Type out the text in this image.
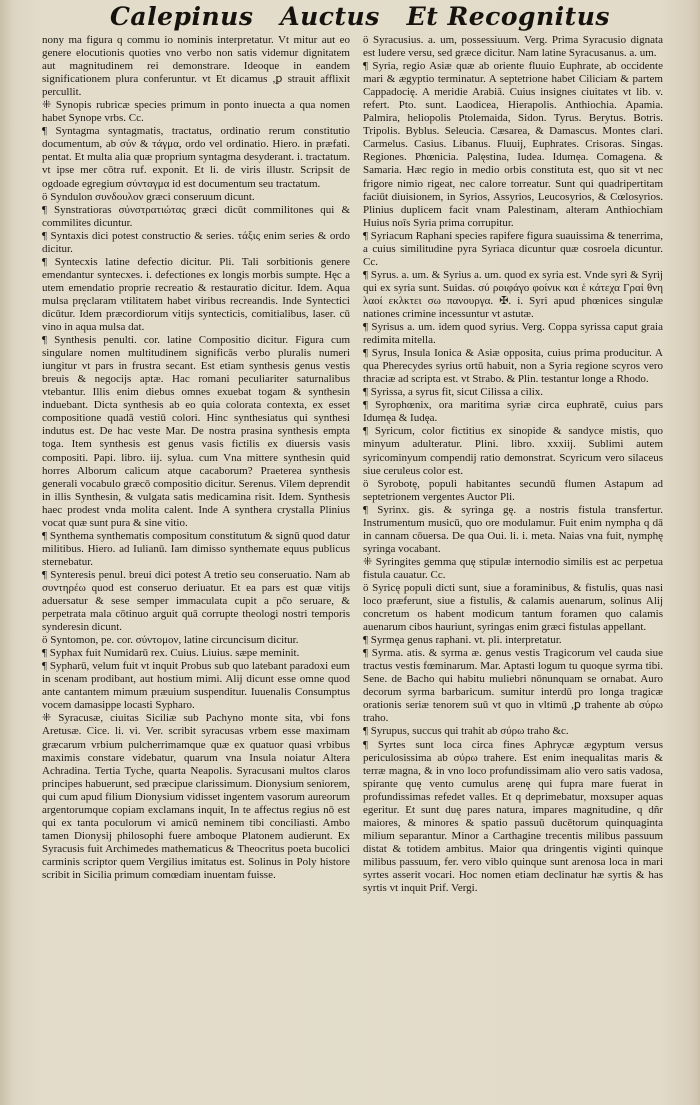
Calepinus Auctus Et Recognitus

nony ma figura q commu io nominis interpretatur. Vt mitur aut eo genere elocutionis quoties vno verbo non satis videmur dignitatem aut magnitudinem rei demonstrare. Ideoque in eandem significationem plura conferuntur. vt Et dicamus ,ꝑ strauit afflixit percullit.

⁜ Synopis rubricæ species primum in ponto inuecta a qua nomen habet Synope vrbs. Cc.

¶ Syntagma syntagmatis, tractatus, ordinatio rerum constitutio documentum, ab σύν & τάγμα, ordo vel ordinatio. Hiero. in præfati. pentat. Et multa alia quæ proprium syntagma desyderant. i. tractatum. vt ipse mer cōtra ruf. exponit. Et li. de viris illustr. Scripsit de ogdoade egregium σύνταγμα id est documentum seu tractatum.

ӧ Syndulon συνδουλον græci conseruum dicunt.

¶ Synstratioras σύνστρατιώτας græci dicūt commilitones qui & commilites dicuntur.

¶ Syntaxis dici potest constructio & series. τάξις enim series & ordo dicitur.

¶ Syntecxis latine defectio dicitur. Pli. Tali sorbitionis genere emendantur syntecxes. i. defectiones ex longis morbis sumpte. Hęc a utem emendatio proprie recreatio & restauratio dicitur. Idem. Aqua mulsa pręclaram vtilitatem habet viribus recreandis. Inde Syntectici dicūtur. Idem præcordiorum vitijs syntecticis, comitialibus, laser. cū vino in aqua mulsa dat.

¶ Synthesis penulti. cor. latine Compositio dicitur. Figura cum singulare nomen multitudinem significās verbo pluralis numeri iungitur vt pars in frustra secant. Est etiam synthesis genus vestis breuis & negocijs aptæ. Hac romani peculiariter saturnalibus vtebantur. Illis enim diebus omnes exuebat togam & synthesin induebant. Dicta synthesis ab eo quia colorata contexta, ex esset compositione quadā vestiū colori. Hinc synthesiatus qui synthesi indutus est. De hac veste Mar. De nostra prasina synthesis empta toga. Item synthesis est genus vasis fictilis ex diuersis vasis compositi. Papi. libro. iij. sylua. cum Vna mittere synthesin quid horres Alborum calicum atque cacaborum? Praeterea synthesis generali vocabulo græcō compositio dicitur. Serenus. Vilem deprendit in illis Synthesin, & vulgata satis medicamina risit. Idem. Synthesis haec prodest vnda molita calent. Inde A synthera crystalla Plinius vocat quæ sunt pura & sine vitio.

¶ Synthema synthematis compositum constitutum & signū quod datur militibus. Hiero. ad Iulianū. Iam dimisso synthemate equus publicus sternebatur.

¶ Synteresis penul. breui dici potest A tretio seu conseruatio. Nam ab συντηρέω quod est conseruo deriuatur. Et ea pars est quæ vitijs aduersatur & sese semper immaculata cupit a pc̄o seruare, & perpetrata mala cōtinuo arguit quā corrupte theologi nostri temporis synderesin dicunt.

ӧ Syntomon, pe. cor. σύντομον, latine circuncisum dicitur.

¶ Syphax fuit Numidarū rex. Cuius. Liuius. sæpe meminit.

¶ Sypharū, velum fuit vt inquit Probus sub quo latebant paradoxi eum in scenam prodibant, aut hostium mimi. Alij dicunt esse omne quod ante cantantem mimum præuium suspenditur. Iuuenalis Consumptus vocem damasippe locasti Sypharo.

⁜ Syracusæ, ciuitas Siciliæ sub Pachyno monte sita, vbi fons Aretusæ. Cice. li. vi. Ver. scribit syracusas vrbem esse maximam græcarum vrbium pulcherrimamque quæ ex quatuor quasi vrbibus maximis constare videbatur, quarum vna Insula noiatur Altera Achradina. Tertia Tyche, quarta Neapolis. Syracusani multos claros principes habuerunt, sed præcipue clarissimum. Dionysium seniorem, qui cum apud filium Dionysium vidisset ingentem vasorum aureorum argentorumque copiam exclamans inquit, In te affectus regius nō est qui ex tanta poculorum vi amicū neminem tibi conciliasti. Ambo tamen Dionysij philosophi fuere amboque Platonem audierunt. Ex Syracusis fuit Archimedes mathematicus & Theocritus poeta bucolici carminis scriptor quem Vergilius imitatus est. Solinus in Poly histore scribit in Sicilia primum comœdiam inuentam fuisse.

ӧ Syracusius. a. um, possessiuum. Verg. Prima Syracusio dignata est ludere versu, sed græce dicitur. Nam latine Syracusanus. a. um.

¶ Syria, regio Asiæ quæ ab oriente fluuio Euphrate, ab occidente mari & ægyptio terminatur. A septetrione habet Ciliciam & partem Cappadocię. A meridie Arabiā. Cuius insignes ciuitates vt lib. v. refert. Pto. sunt. Laodicea, Hierapolis. Anthiochia. Apamia. Palmira, heliopolis Ptolemaida, Sidon. Tyrus. Berytus. Botris. Tripolis. Byblus. Seleucia. Cæsarea, & Damascus. Montes clari. Carmelus. Casius. Libanus. Fluuij, Euphrates. Crisoras. Singas. Regiones. Phœnicia. Palęstina, Iudea. Idumęa. Comagena. & Samaria. Hæc regio in medio orbis constituta est, quo sit vt nec frigore nimio rigeat, nec calore torreatur. Sunt qui quadripertitam faciūt diuisionem, in Syrios, Assyrios, Leucosyrios, & Cœlosyrios. Plinius duplicem facit vnam Palestinam, alteram Anthiochiam Huius noīs Syria prima corrupitur.

¶ Syriacum Raphani species rapifere figura suauissima & tenerrima, a cuius similitudine pyra Syriaca dicuntur quæ cosroela dicuntur. Cc.

¶ Syrus. a. um. & Syrius a. um. quod ex syria est. Vnde syri & Syrij qui ex syria sunt. Suidas. σύ ροιφάγο φοίνικ και ἑ κάτεχα Γραί θνη λαοί εκλκτει σω πανουργα. ✠. i. Syri apud phœnices singulæ nationes crimine incessuntur vt astutæ.

¶ Syrisus a. um. idem quod syrius. Verg. Coppa syrissa caput graia redimita mitella.

¶ Syrus, Insula Ionica & Asiæ opposita, cuius prima producitur. A qua Pherecydes syrius ortū habuit, non a Syria regione scyros vero thraciæ ad scripta est. vt Strabo. & Plin. testantur longe a Rhodo.

¶ Syrissa, a syrus fit, sicut Cilissa a cilix.

¶ Syrophœnix, ora maritima syriæ circa euphratē, cuius pars Idumęa & Iudęa.

¶ Syricum, color fictitius ex sinopide & sandyce mistis, quo minyum adulteratur. Plini. libro. xxxiij. Sublimi autem syricominyum compendij ratio demonstrat. Scyricum vero silaceus siue ceruleus color est.

ӧ Syrobotę, populi habitantes secundū flumen Astapum ad septetrionem vergentes Auctor Pli.

¶ Syrinx. gis. & syringa gę. a nostris fistula transfertur. Instrumentum musicū, quo ore modulamur. Fuit enim nympha q dā in cannam cōuersa. De qua Oui. li. i. meta. Naias vna fuit, nymphę syringa vocabant.

⁜ Syringites gemma quę stipulæ internodio similis est ac perpetua fistula cauatur. Cc.

ӧ Syricę populi dicti sunt, siue a foraminibus, & fistulis, quas nasi loco præferunt, siue a fistulis, & calamis auenarum, solinus Alij concretum os habent modicum tantum foramen quo calamis auenarum cibos hauriunt, syringas enim græci fistulas appellant.

¶ Syrmęa genus raphani. vt. pli. interpretatur.

¶ Syrma. atis. & syrma æ. genus vestis Tragicorum vel cauda siue tractus vestis fœminarum. Mar. Aptasti logum tu quoque syrma tibi. Sene. de Bacho qui habitu muliebri nōnunquam se ornabat. Auro decorum syrma barbaricum. sumitur interdū pro longa tragicæ orationis seriæ tenorem suū vt quo in vltimū ,ꝑ trahente ab σύρω traho.

¶ Syrupus, succus qui trahit ab σύρω traho &c.

¶ Syrtes sunt loca circa fines Aphrycæ ægyptum versus periculosissima ab σύρω trahere. Est enim inequalitas maris & terræ magna, & in vno loco profundissimam alio vero satis vadosa, spirante quę vento cumulus arenę qui fupra mare fuerat in profundissimas refedet valles. Et q deprimebatur, moxsuper aquas egeritur. Et sunt duę pares natura, impares magnitudine, q dñr maiores, & minores & spatio passuū ducētorum quinquaginta milium separantur. Minor a Carthagine trecentis milibus passuum distat & totidem ambitus. Maior qua dringentis viginti quinque milibus passuum, fer. vero viblo quinque sunt arenosa loca in mari syrtes asserit vocari. Hoc nomen etiam declinatur hæ syrtis & has syrtis vt inquit Prif. Vergi.
